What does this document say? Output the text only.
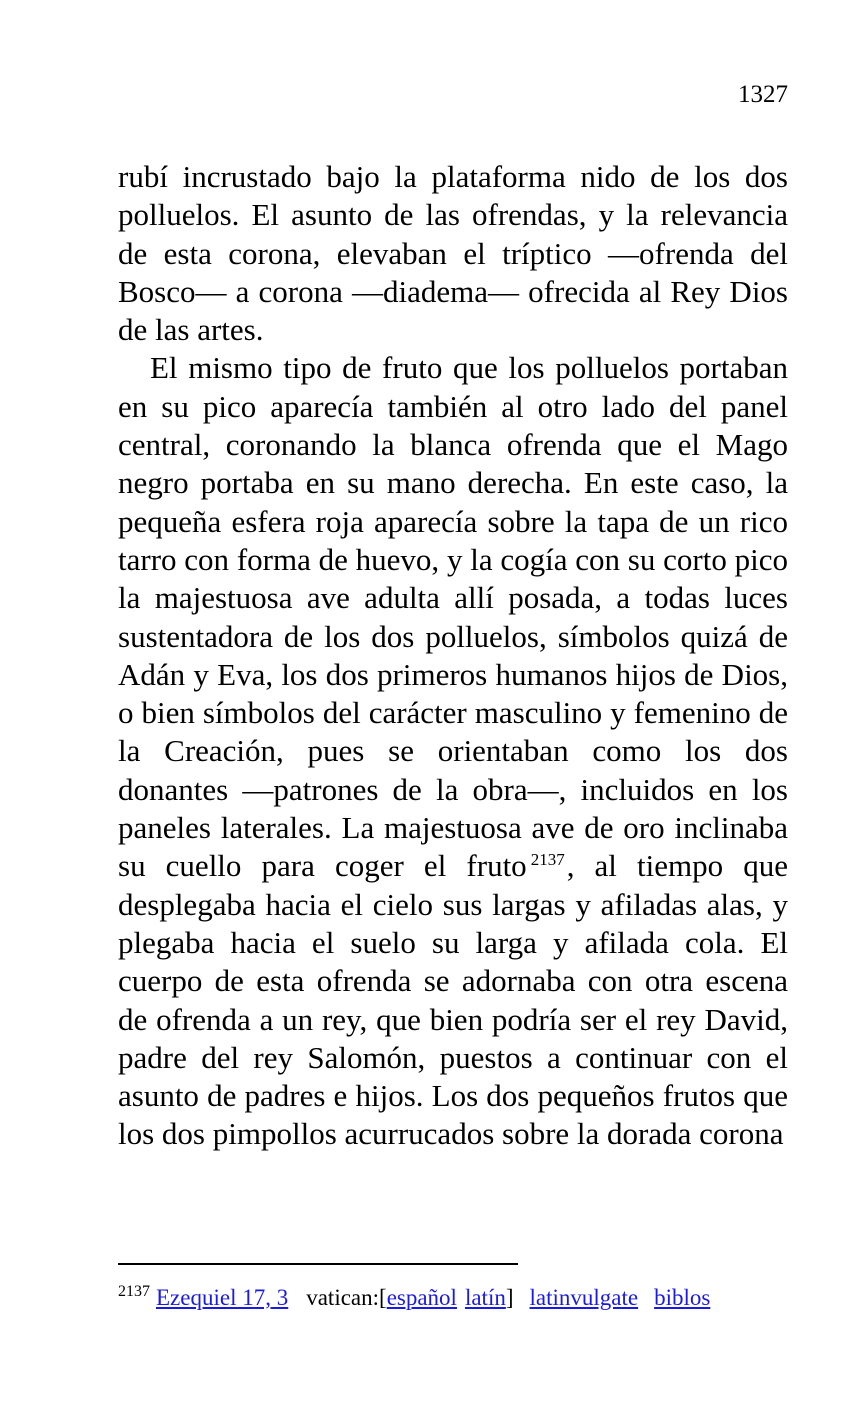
1327

rubí incrustado bajo la plataforma nido de los dos polluelos. El asunto de las ofrendas, y la relevancia de esta corona, elevaban el tríptico —ofrenda del Bosco— a corona —diadema— ofrecida al Rey Dios de las artes.

El mismo tipo de fruto que los polluelos portaban en su pico aparecía también al otro lado del panel central, coronando la blanca ofrenda que el Mago negro portaba en su mano derecha. En este caso, la pequeña esfera roja aparecía sobre la tapa de un rico tarro con forma de huevo, y la cogía con su corto pico la majestuosa ave adulta allí posada, a todas luces sustentadora de los dos polluelos, símbolos quizá de Adán y Eva, los dos primeros humanos hijos de Dios, o bien símbolos del carácter masculino y femenino de la Creación, pues se orientaban como los dos donantes —patrones de la obra—, incluidos en los paneles laterales. La majestuosa ave de oro inclinaba su cuello para coger el fruto $^{2137}$, al tiempo que desplegaba hacia el cielo sus largas y afiladas alas, y plegaba hacia el suelo su larga y afilada cola. El cuerpo de esta ofrenda se adornaba con otra escena de ofrenda a un rey, que bien podría ser el rey David, padre del rey Salomón, puestos a continuar con el asunto de padres e hijos. Los dos pequeños frutos que los dos pimpollos acurrucados sobre la dorada corona

$^{2137}$ Ezequiel 17, 3 vatican:[español latín] latinvulgate biblos
